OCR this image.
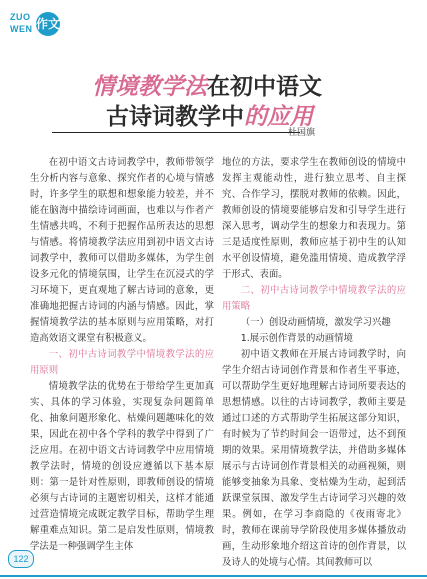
ZUO
WEN 作文
情境教学法在初中语文
古诗词教学中的应用
杜国旗

在初中语文古诗词教学中，教师带领学生分析内容与意象、探究作者的心境与情感时，许多学生的联想和想象能力较差，并不能在脑海中描绘诗词画面，也难以与作者产生情感共鸣，不利于把握作品所表达的思想与情感。将情境教学法应用到初中语文古诗词教学中，教师可以借助多媒体，为学生创设多元化的情境氛围，让学生在沉浸式的学习环境下，更直观地了解古诗词的意象，更准确地把握古诗词的内涵与情感。因此，掌握情境教学法的基本原则与应用策略，对打造高效语文课堂有积极意义。

一、初中古诗词教学中情境教学法的应用原则

情境教学法的优势在于带给学生更加真实、具体的学习体验，实现复杂问题简单化、抽象问题形象化、枯燥问题趣味化的效果，因此在初中各个学科的教学中得到了广泛应用。在初中语文古诗词教学中应用情境教学法时，情境的创设应遵循以下基本原则：第一是针对性原则，即教师创设的情境必须与古诗词的主题密切相关，这样才能通过营造情境完成既定教学目标，帮助学生理解重难点知识。第二是启发性原则，情境教学法是一种强调学生主体

地位的方法，要求学生在教师创设的情境中发挥主观能动性，进行独立思考、自主探究、合作学习，摆脱对教师的依赖。因此，教师创设的情境要能够启发和引导学生进行深入思考，调动学生的想象力和表现力。第三是适度性原则，教师应基于初中生的认知水平创设情境，避免滥用情境、造成教学浮于形式、表面。

二、初中古诗词教学中情境教学法的应用策略

（一）创设动画情境，激发学习兴趣

1.展示创作背景的动画情境

初中语文教师在开展古诗词教学时，向学生介绍古诗词创作背景和作者生平事迹，可以帮助学生更好地理解古诗词所要表达的思想情感。以往的古诗词教学，教师主要是通过口述的方式帮助学生拓展这部分知识，有时候为了节约时间会一语带过，达不到预期的效果。采用情境教学法，并借助多媒体展示与古诗词创作背景相关的动画视频，则能够变抽象为具象、变枯燥为生动，起到活跃课堂氛围、激发学生古诗词学习兴趣的效果。例如，在学习李商隐的《夜雨寄北》时，教师在课前导学阶段使用多媒体播放动画，生动形象地介绍这首诗的创作背景，以及诗人的处境与心情。其间教师可以

122
